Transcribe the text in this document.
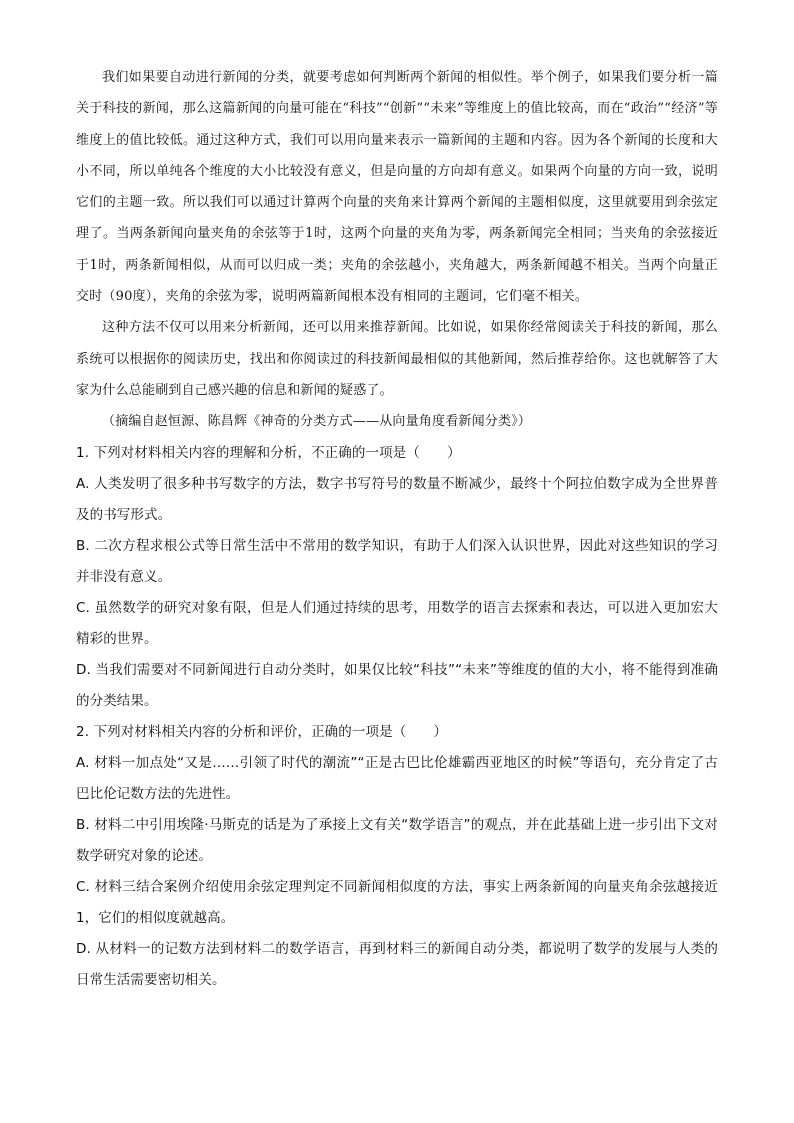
我们如果要自动进行新闻的分类，就要考虑如何判断两个新闻的相似性。举个例子，如果我们要分析一篇关于科技的新闻，那么这篇新闻的向量可能在“科技”“创新”“未来”等维度上的值比较高，而在“政治”“经济”等维度上的值比较低。通过这种方式，我们可以用向量来表示一篇新闻的主题和内容。因为各个新闻的长度和大小不同，所以单纯各个维度的大小比较没有意义，但是向量的方向却有意义。如果两个向量的方向一致，说明它们的主题一致。所以我们可以通过计算两个向量的夹角来计算两个新闻的主题相似度，这里就要用到余弦定理了。当两条新闻向量夹角的余弦等于1时，这两个向量的夹角为零，两条新闻完全相同；当夹角的余弦接近于1时，两条新闻相似，从而可以归成一类；夹角的余弦越小，夹角越大，两条新闻越不相关。当两个向量正交时（90度），夹角的余弦为零，说明两篇新闻根本没有相同的主题词，它们毫不相关。

这种方法不仅可以用来分析新闻，还可以用来推荐新闻。比如说，如果你经常阅读关于科技的新闻，那么系统可以根据你的阅读历史，找出和你阅读过的科技新闻最相似的其他新闻，然后推荐给你。这也就解答了大家为什么总能刷到自己感兴趣的信息和新闻的疑惑了。

（摘编自赵恒源、陈昌辉《神奇的分类方式——从向量角度看新闻分类》）

1. 下列对材料相关内容的理解和分析，不正确的一项是（　　）

A. 人类发明了很多种书写数字的方法，数字书写符号的数量不断减少，最终十个阿拉伯数字成为全世界普及的书写形式。

B. 二次方程求根公式等日常生活中不常用的数学知识，有助于人们深入认识世界，因此对这些知识的学习并非没有意义。

C. 虽然数学的研究对象有限，但是人们通过持续的思考，用数学的语言去探索和表达，可以进入更加宏大精彩的世界。

D. 当我们需要对不同新闻进行自动分类时，如果仅比较“科技”“未来”等维度的值的大小，将不能得到准确的分类结果。

2. 下列对材料相关内容的分析和评价，正确的一项是（　　）

A. 材料一加点处“又是……引领了时代的潮流”“正是古巴比伦雄霸西亚地区的时候”等语句，充分肯定了古巴比伦记数方法的先进性。

B. 材料二中引用埃隆·马斯克的话是为了承接上文有关“数学语言”的观点，并在此基础上进一步引出下文对数学研究对象的论述。

C. 材料三结合案例介绍使用余弦定理判定不同新闻相似度的方法，事实上两条新闻的向量夹角余弦越接近1，它们的相似度就越高。

D. 从材料一的记数方法到材料二的数学语言，再到材料三的新闻自动分类，都说明了数学的发展与人类的日常生活需要密切相关。
